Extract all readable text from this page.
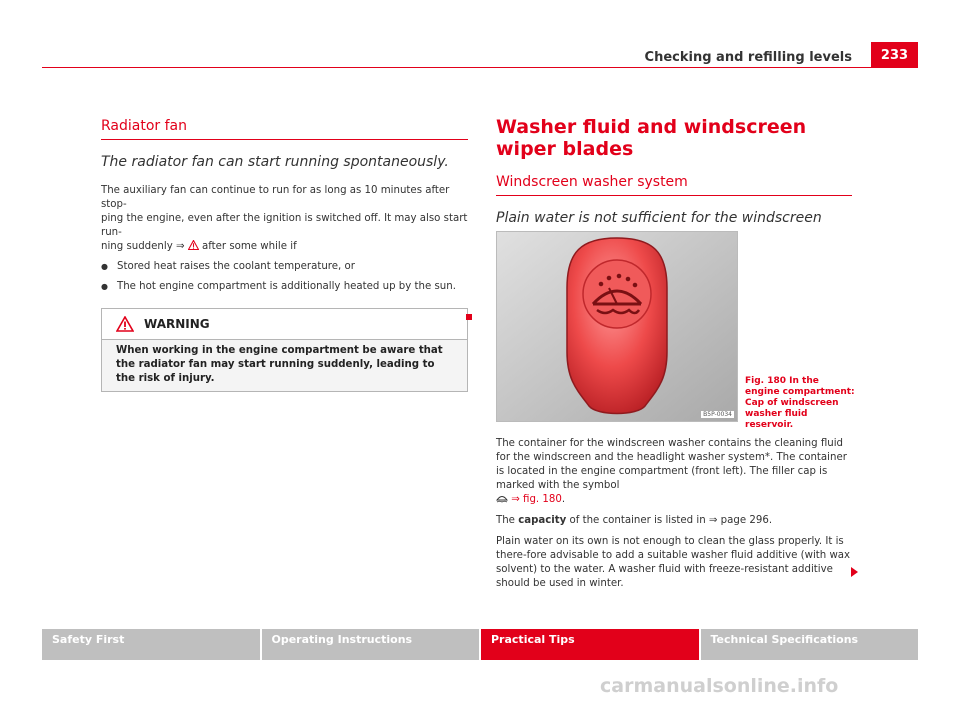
Checking and refilling levels	233
Radiator fan

The radiator fan can start running spontaneously.

The auxiliary fan can continue to run for as long as 10 minutes after stop-
ping the engine, even after the ignition is switched off. It may also start run-
ning suddenly ⇒  after some while if

● Stored heat raises the coolant temperature, or
● The hot engine compartment is additionally heated up by the sun.
WARNING
When working in the engine compartment be aware that the radiator fan may start running suddenly, leading to the risk of injury.
Washer fluid and windscreen wiper blades
Windscreen washer system

Plain water is not sufficient for the windscreen

B5P-0034
Fig. 180 In the engine compartment: Cap of windscreen washer fluid reservoir.

The container for the windscreen washer contains the cleaning fluid for the windscreen and the headlight washer system*. The container is located in the engine compartment (front left). The filler cap is marked with the symbol
⇒ fig. 180.

The capacity of the container is listed in ⇒ page 296.

Plain water on its own is not enough to clean the glass properly. It is there-fore advisable to add a suitable washer fluid additive (with wax solvent) to the water. A washer fluid with freeze-resistant additive should be used in winter.

Safety First	Operating Instructions	Practical Tips	Technical Specifications
carmanualsonline.info
